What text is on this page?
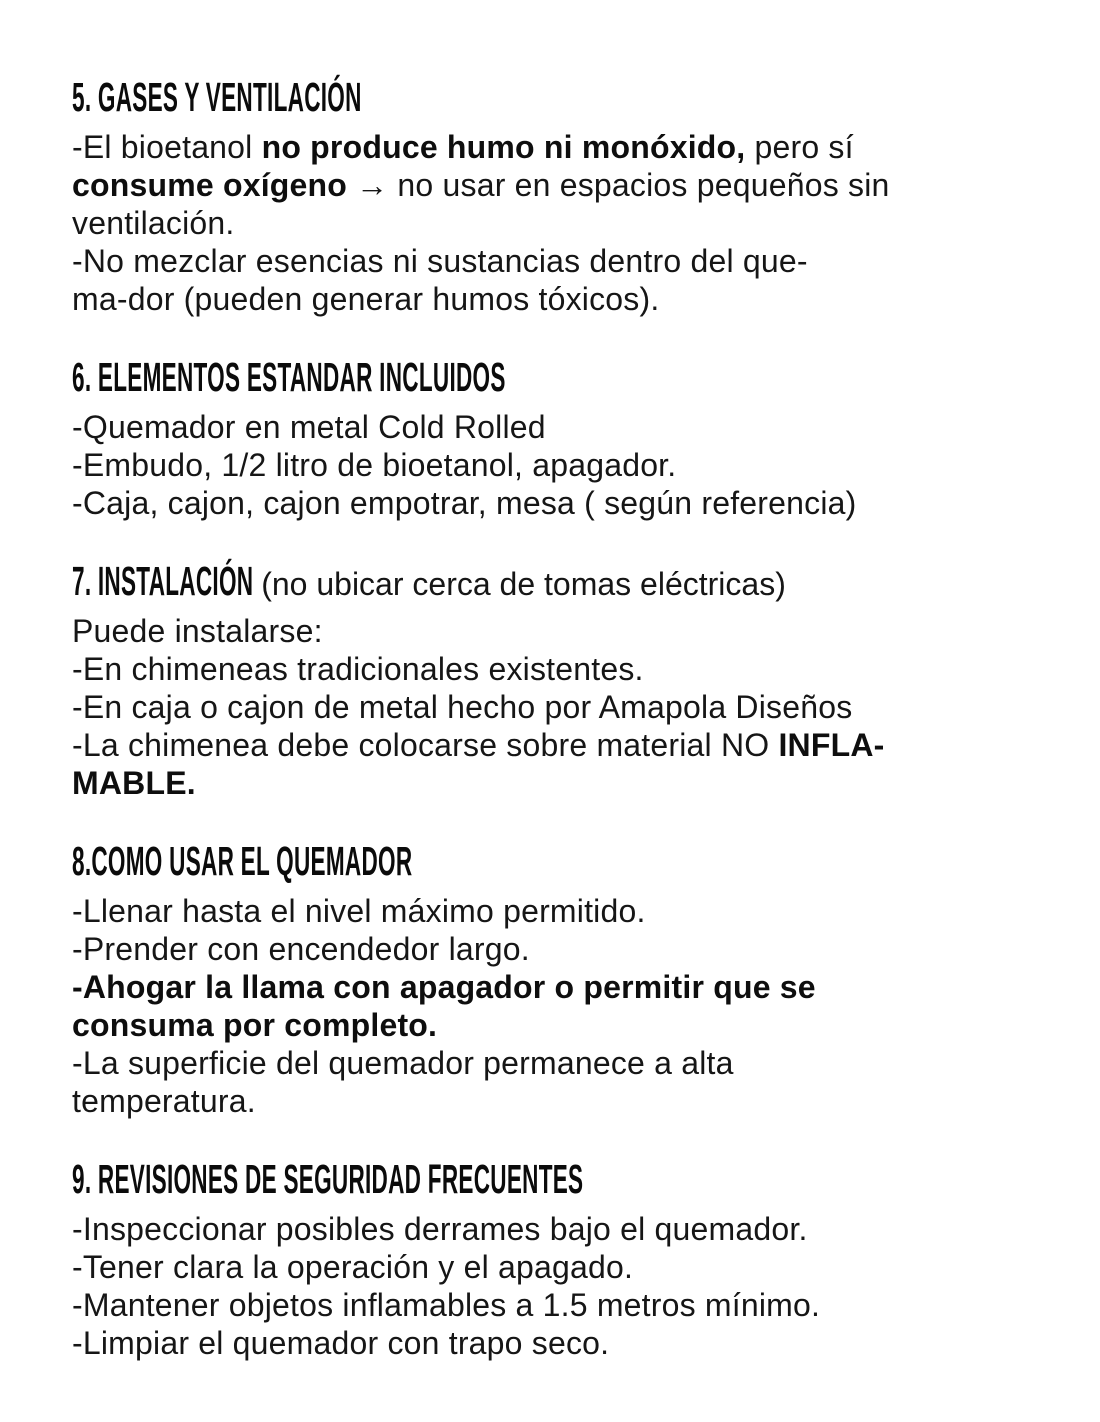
5. GASES Y VENTILACIÓN

-El bioetanol no produce humo ni monóxido, pero sí

consume oxígeno → no usar en espacios pequeños sin

ventilación.

-No mezclar esencias ni sustancias dentro del que-

ma-dor (pueden generar humos tóxicos).

6. ELEMENTOS ESTANDAR INCLUIDOS

-Quemador en metal Cold Rolled

-Embudo, 1/2 litro de bioetanol, apagador.

-Caja, cajon, cajon empotrar, mesa ( según referencia)

7. INSTALACIÓN (no ubicar cerca de tomas eléctricas)

Puede instalarse:

-En chimeneas tradicionales existentes.

-En caja o cajon de metal hecho por Amapola Diseños

-La chimenea debe colocarse sobre material NO INFLA-

MABLE.

8.COMO USAR EL QUEMADOR

-Llenar hasta el nivel máximo permitido.

-Prender con encendedor largo.

-Ahogar la llama con apagador o permitir que se

consuma por completo.

-La superficie del quemador permanece a alta

temperatura.

9. REVISIONES DE SEGURIDAD FRECUENTES

-Inspeccionar posibles derrames bajo el quemador.

-Tener clara la operación y el apagado.

-Mantener objetos inflamables a 1.5 metros mínimo.

-Limpiar el quemador con trapo seco.
